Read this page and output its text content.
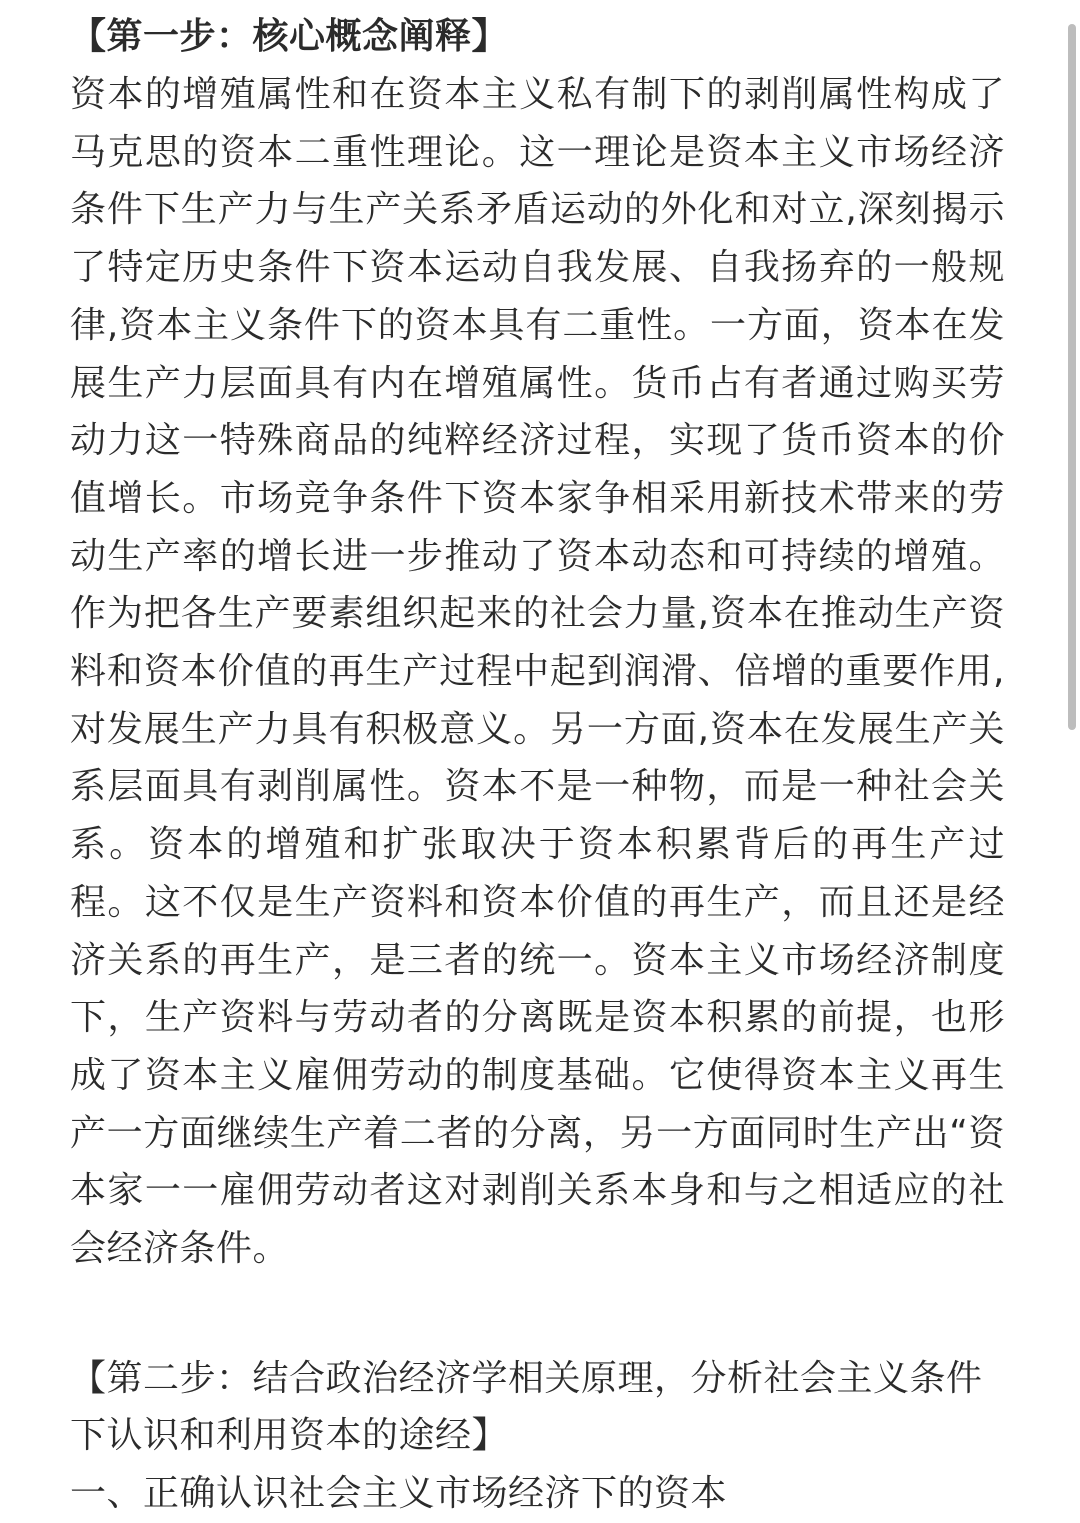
【第一步：核心概念阐释】

资本的增殖属性和在资本主义私有制下的剥削属性构成了马克思的资本二重性理论。这一理论是资本主义市场经济条件下生产力与生产关系矛盾运动的外化和对立,深刻揭示了特定历史条件下资本运动自我发展、自我扬弃的一般规律,资本主义条件下的资本具有二重性。一方面，资本在发展生产力层面具有内在增殖属性。货币占有者通过购买劳动力这一特殊商品的纯粹经济过程，实现了货币资本的价值增长。市场竞争条件下资本家争相采用新技术带来的劳动生产率的增长进一步推动了资本动态和可持续的增殖。作为把各生产要素组织起来的社会力量,资本在推动生产资料和资本价值的再生产过程中起到润滑、倍增的重要作用,对发展生产力具有积极意义。另一方面,资本在发展生产关系层面具有剥削属性。资本不是一种物，而是一种社会关系。资本的增殖和扩张取决于资本积累背后的再生产过程。这不仅是生产资料和资本价值的再生产，而且还是经济关系的再生产，是三者的统一。资本主义市场经济制度下，生产资料与劳动者的分离既是资本积累的前提，也形成了资本主义雇佣劳动的制度基础。它使得资本主义再生产一方面继续生产着二者的分离，另一方面同时生产出“资本家一一雇佣劳动者这对剥削关系本身和与之相适应的社会经济条件。

【第二步：结合政治经济学相关原理，分析社会主义条件下认识和利用资本的途经】

一、正确认识社会主义市场经济下的资本
